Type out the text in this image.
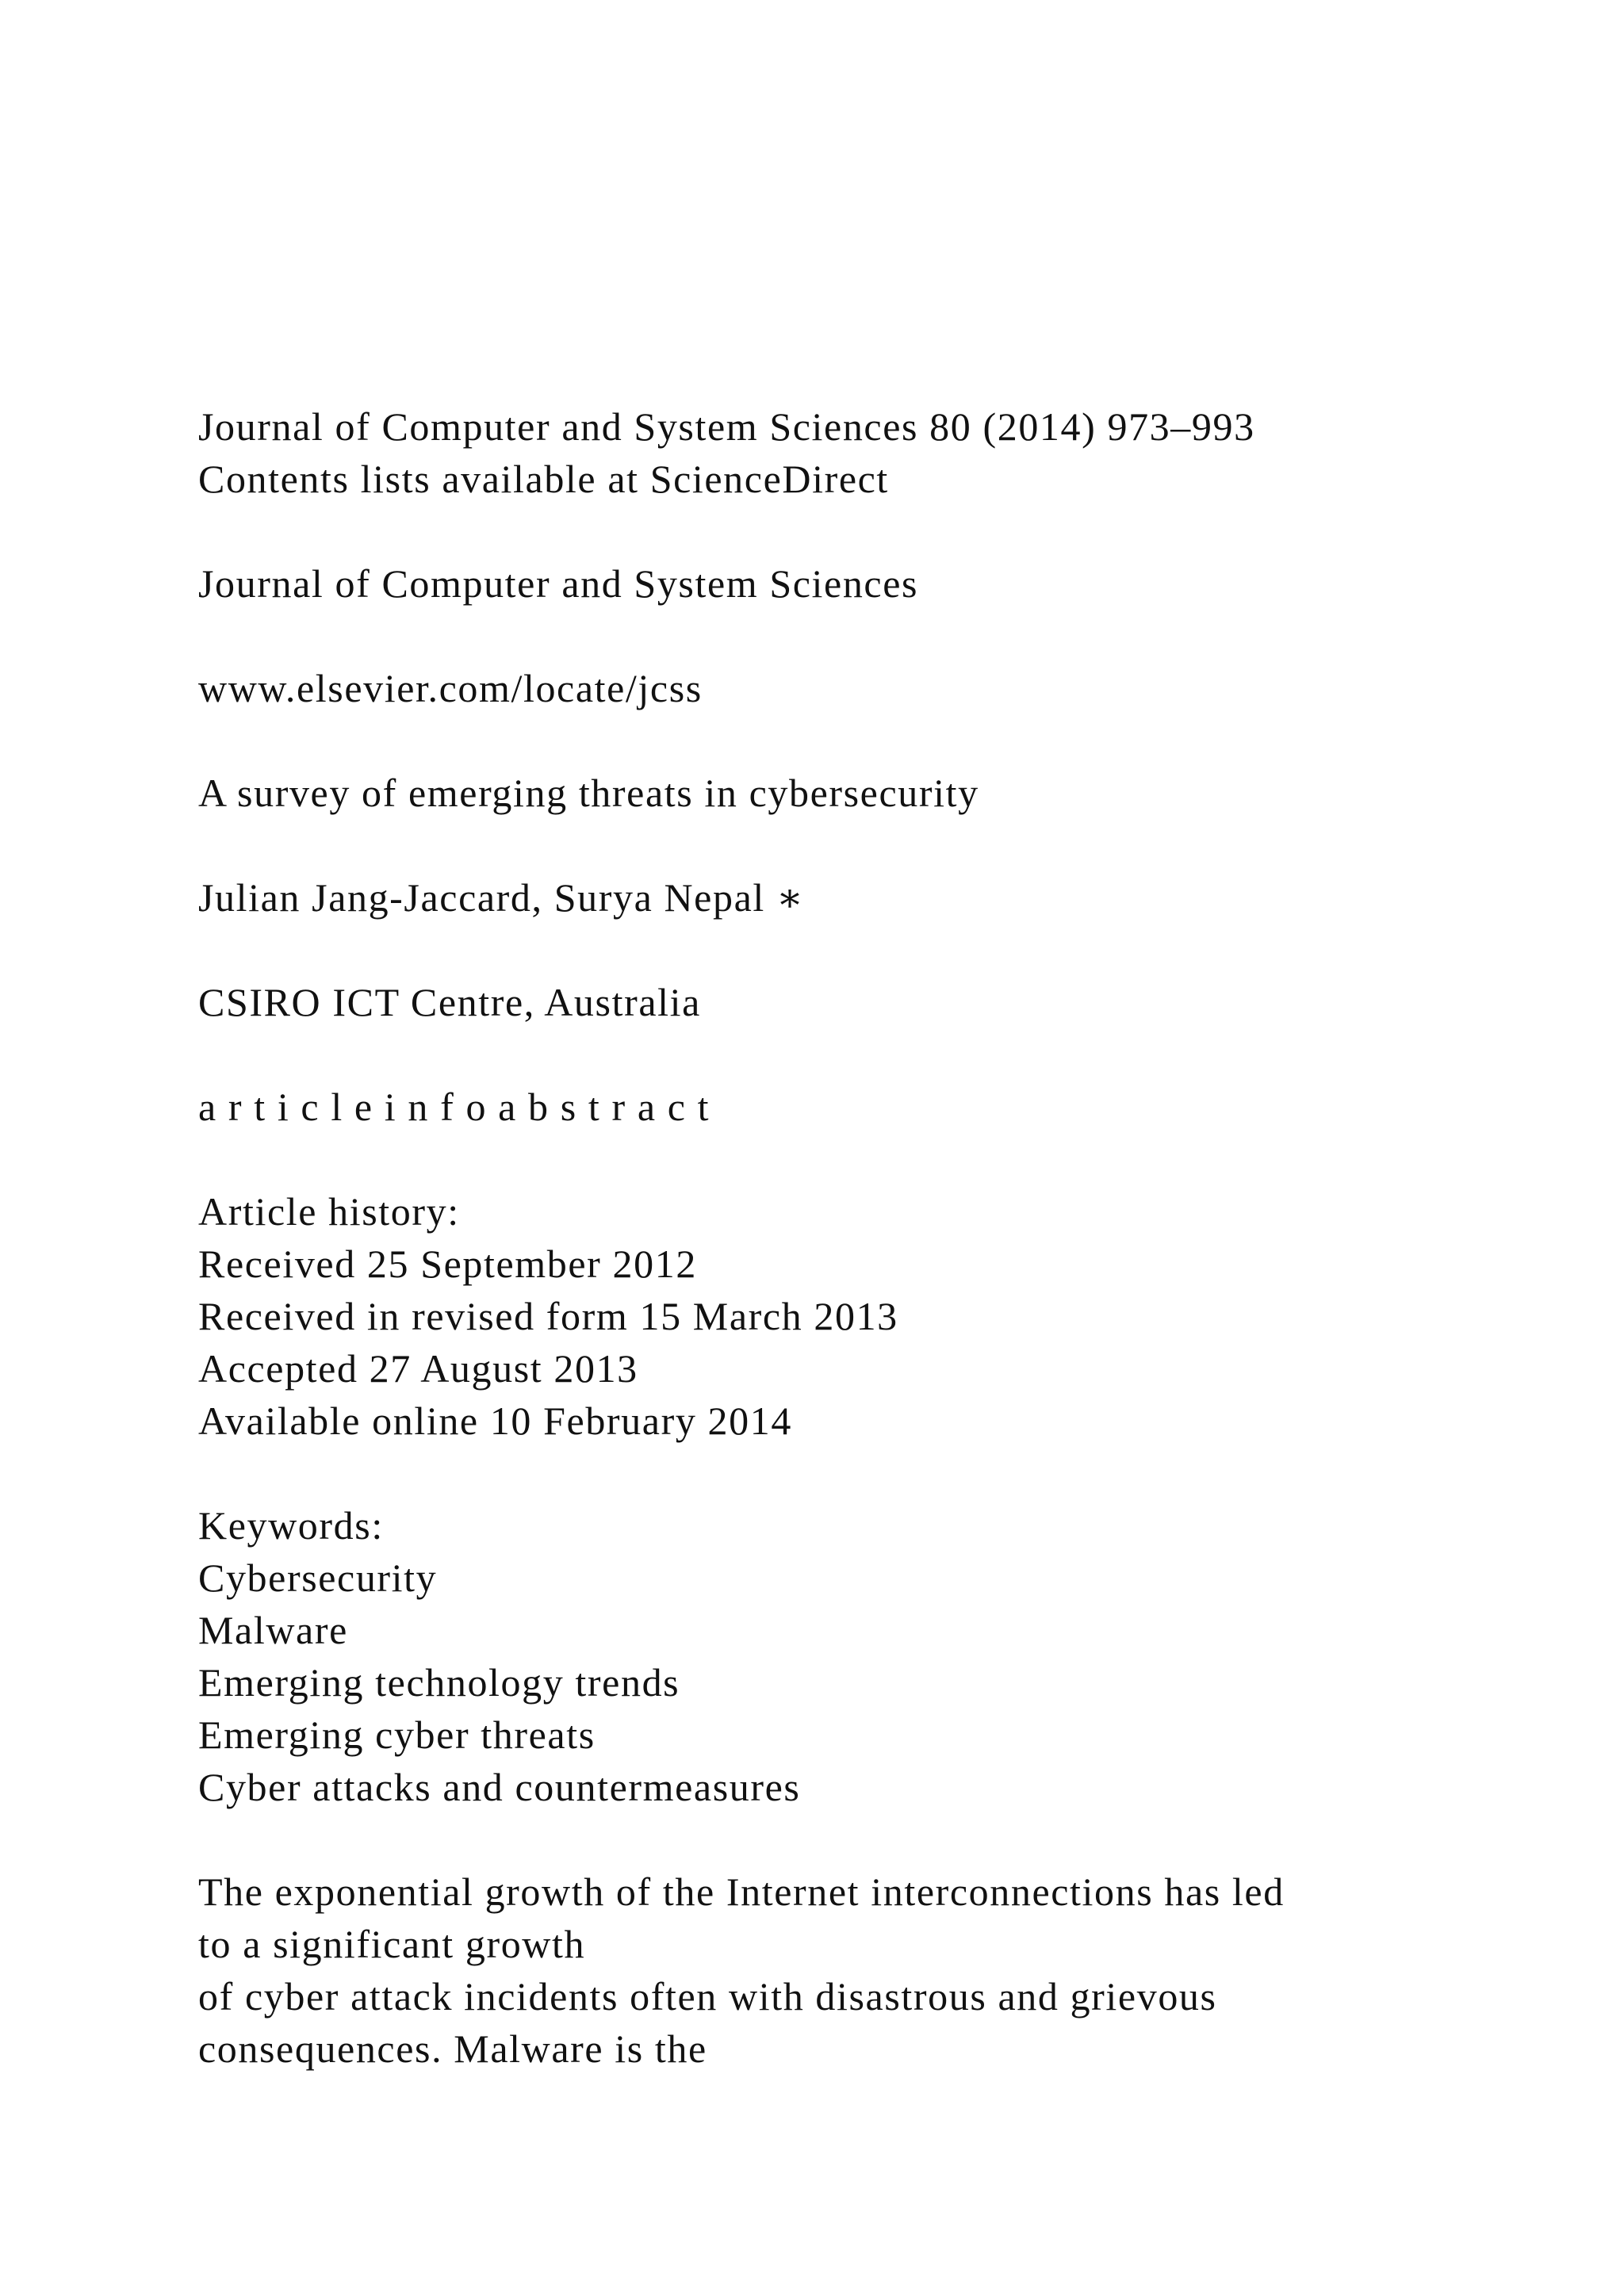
Journal of Computer and System Sciences 80 (2014) 973–993
Contents lists available at ScienceDirect
Journal of Computer and System Sciences
www.elsevier.com/locate/jcss
A survey of emerging threats in cybersecurity
Julian Jang-Jaccard, Surya Nepal ∗
CSIRO ICT Centre, Australia
a r t i c l e i n f o a b s t r a c t
Article history:
Received 25 September 2012
Received in revised form 15 March 2013
Accepted 27 August 2013
Available online 10 February 2014
Keywords:
Cybersecurity
Malware
Emerging technology trends
Emerging cyber threats
Cyber attacks and countermeasures
The exponential growth of the Internet interconnections has led
to a significant growth
of cyber attack incidents often with disastrous and grievous
consequences. Malware is the
